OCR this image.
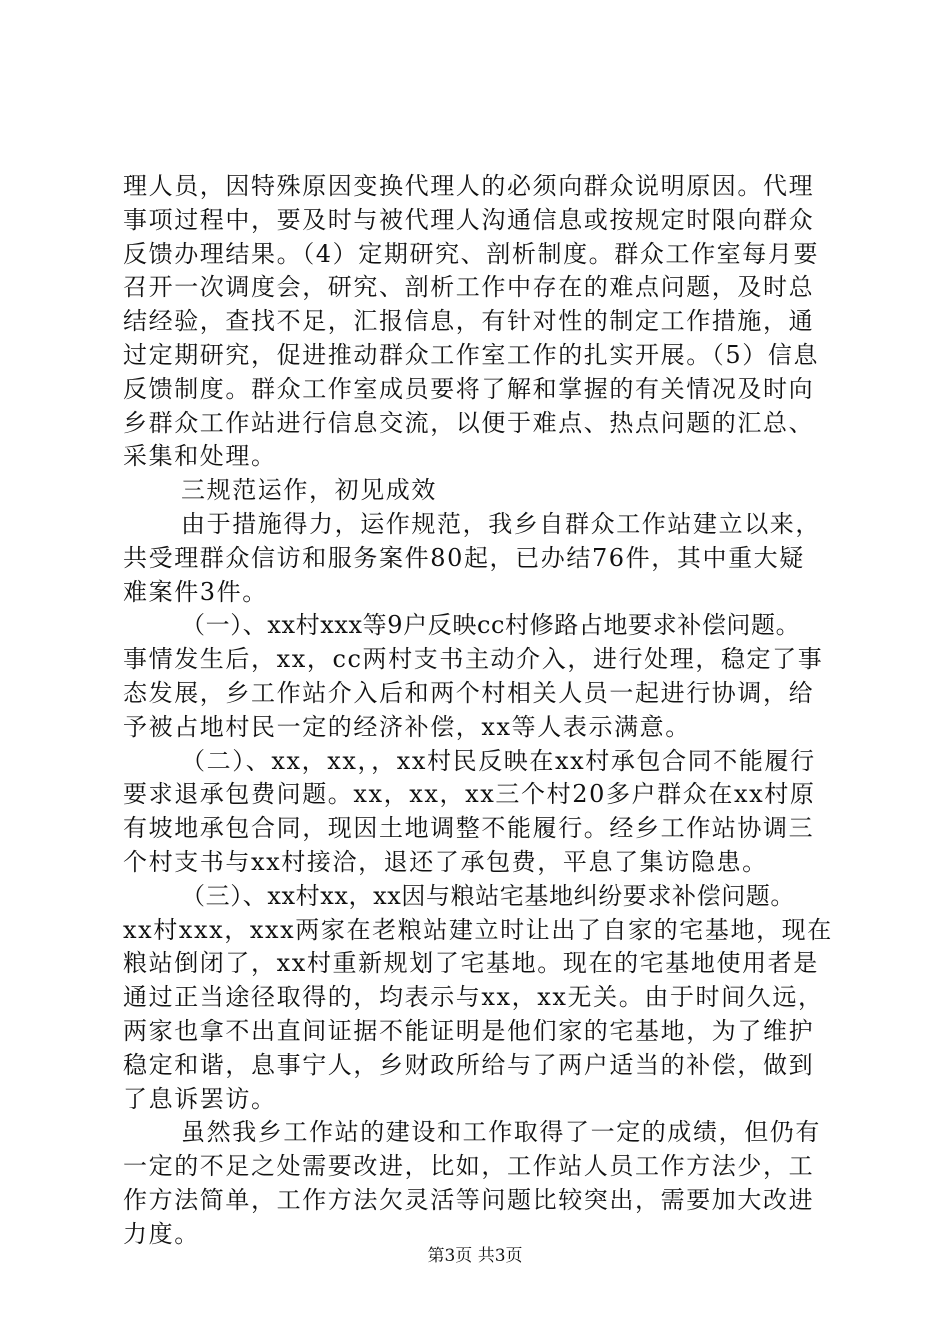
理人员，因特殊原因变换代理人的必须向群众说明原因。代理
事项过程中，要及时与被代理人沟通信息或按规定时限向群众
反馈办理结果。（4）定期研究、剖析制度。群众工作室每月要
召开一次调度会，研究、剖析工作中存在的难点问题，及时总
结经验，查找不足，汇报信息，有针对性的制定工作措施，通
过定期研究，促进推动群众工作室工作的扎实开展。（5）信息
反馈制度。群众工作室成员要将了解和掌握的有关情况及时向
乡群众工作站进行信息交流，以便于难点、热点问题的汇总、
采集和处理。
三规范运作，初见成效
由于措施得力，运作规范，我乡自群众工作站建立以来，
共受理群众信访和服务案件80起，已办结76件，其中重大疑
难案件3件。
（一）、xx村xxx等9户反映cc村修路占地要求补偿问题。
事情发生后，xx，cc两村支书主动介入，进行处理，稳定了事
态发展，乡工作站介入后和两个村相关人员一起进行协调，给
予被占地村民一定的经济补偿，xx等人表示满意。
（二）、xx，xx，，xx村民反映在xx村承包合同不能履行
要求退承包费问题。xx，xx，xx三个村20多户群众在xx村原
有坡地承包合同，现因土地调整不能履行。经乡工作站协调三
个村支书与xx村接洽，退还了承包费，平息了集访隐患。
（三）、xx村xx，xx因与粮站宅基地纠纷要求补偿问题。
xx村xxx，xxx两家在老粮站建立时让出了自家的宅基地，现在
粮站倒闭了，xx村重新规划了宅基地。现在的宅基地使用者是
通过正当途径取得的，均表示与xx，xx无关。由于时间久远，
两家也拿不出直间证据不能证明是他们家的宅基地，为了维护
稳定和谐，息事宁人，乡财政所给与了两户适当的补偿，做到
了息诉罢访。
虽然我乡工作站的建设和工作取得了一定的成绩，但仍有
一定的不足之处需要改进，比如，工作站人员工作方法少，工
作方法简单，工作方法欠灵活等问题比较突出，需要加大改进
力度。
第3页 共3页
